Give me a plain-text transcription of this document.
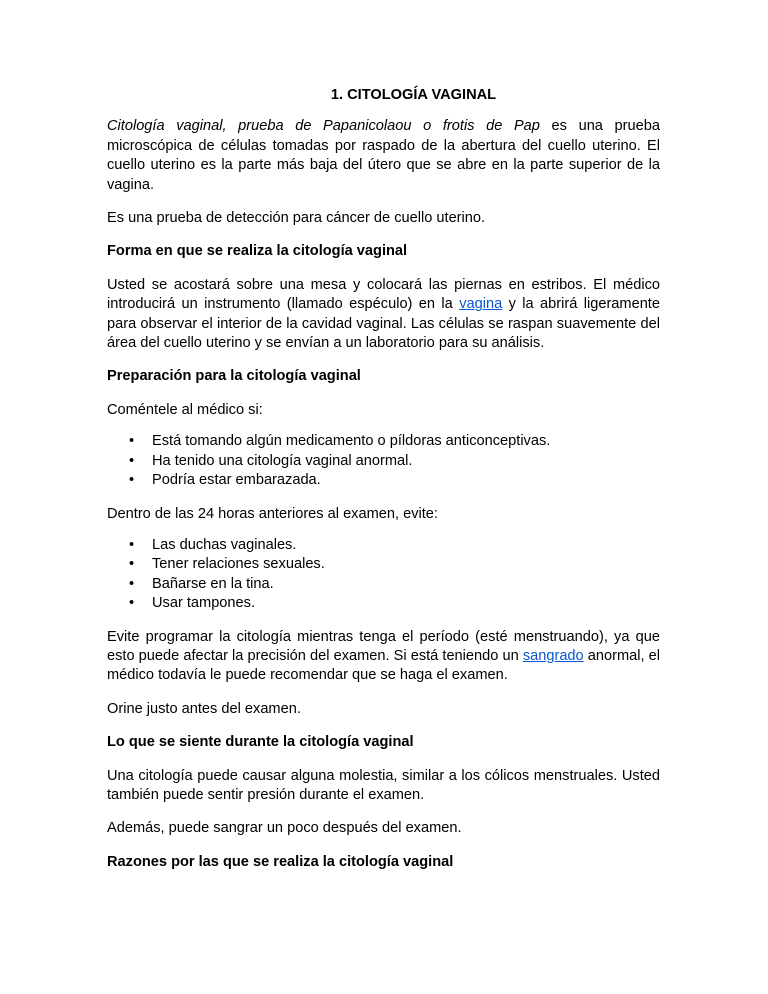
1. CITOLOGÍA VAGINAL

Citología vaginal, prueba de Papanicolaou o frotis de Pap es una prueba microscópica de células tomadas por raspado de la abertura del cuello uterino. El cuello uterino es la parte más baja del útero que se abre en la parte superior de la vagina.

Es una prueba de detección para cáncer de cuello uterino.

Forma en que se realiza la citología vaginal

Usted se acostará sobre una mesa y colocará las piernas en estribos. El médico introducirá un instrumento (llamado espéculo) en la vagina y la abrirá ligeramente para observar el interior de la cavidad vaginal. Las células se raspan suavemente del área del cuello uterino y se envían a un laboratorio para su análisis.

Preparación para la citología vaginal

Coméntele al médico si:

• Está tomando algún medicamento o píldoras anticonceptivas.
• Ha tenido una citología vaginal anormal.
• Podría estar embarazada.

Dentro de las 24 horas anteriores al examen, evite:

• Las duchas vaginales.
• Tener relaciones sexuales.
• Bañarse en la tina.
• Usar tampones.

Evite programar la citología mientras tenga el período (esté menstruando), ya que esto puede afectar la precisión del examen. Si está teniendo un sangrado anormal, el médico todavía le puede recomendar que se haga el examen.

Orine justo antes del examen.

Lo que se siente durante la citología vaginal

Una citología puede causar alguna molestia, similar a los cólicos menstruales. Usted también puede sentir presión durante el examen.

Además, puede sangrar un poco después del examen.

Razones por las que se realiza la citología vaginal
